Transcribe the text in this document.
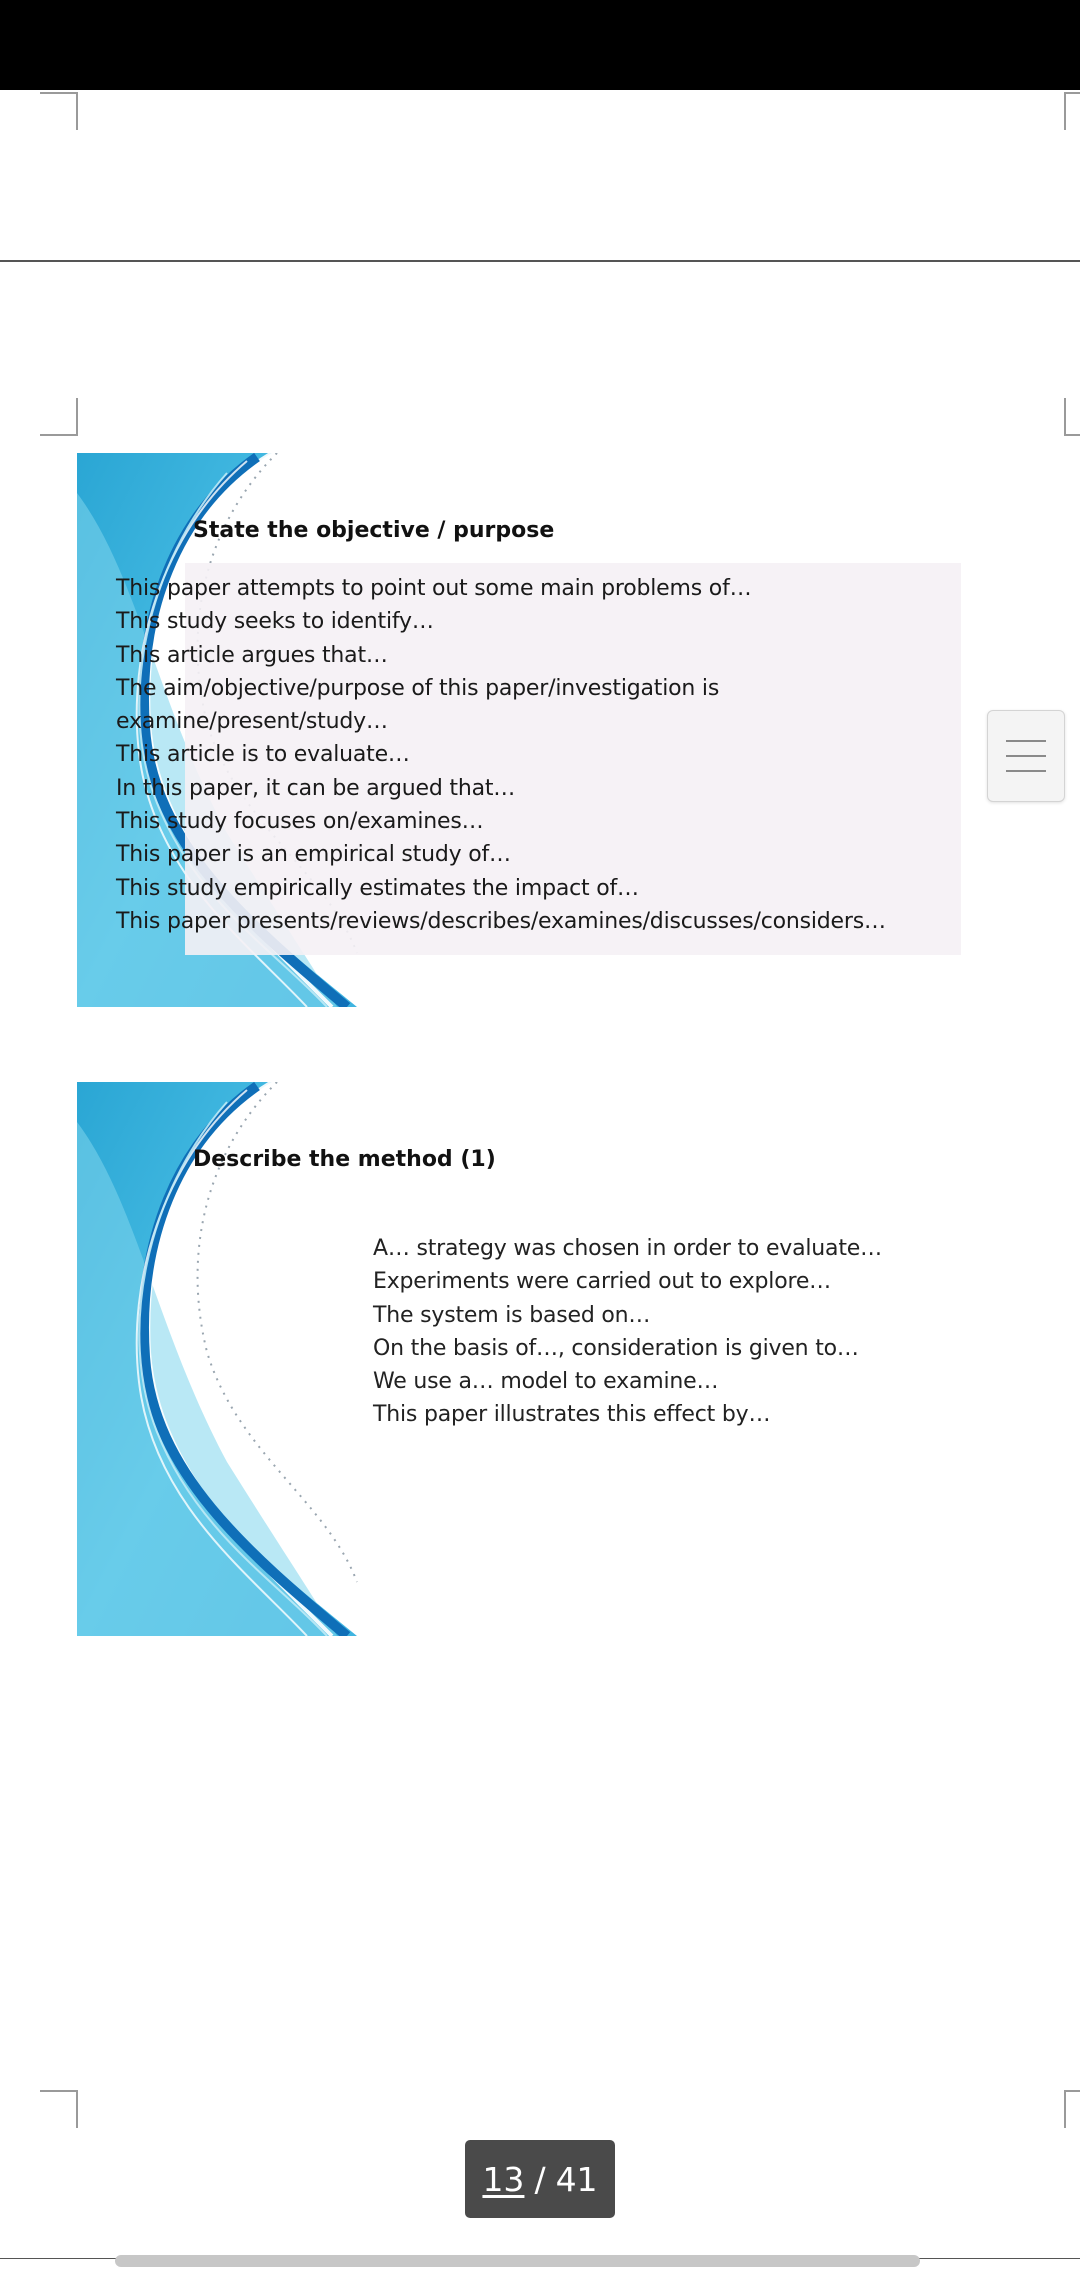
State the objective / purpose
This paper attempts to point out some main problems of…
This study seeks to identify…
This article argues that…
The aim/objective/purpose of this paper/investigation is
examine/present/study…
This article is to evaluate…
In this paper, it can be argued that…
This study focuses on/examines…
This paper is an empirical study of…
This study empirically estimates the impact of…
This paper presents/reviews/describes/examines/discusses/considers…
Describe the method (1)
A… strategy was chosen in order to evaluate…
Experiments were carried out to explore…
The system is based on…
On the basis of…, consideration is given to…
We use a… model to examine…
This paper illustrates this effect by…
13 / 41
